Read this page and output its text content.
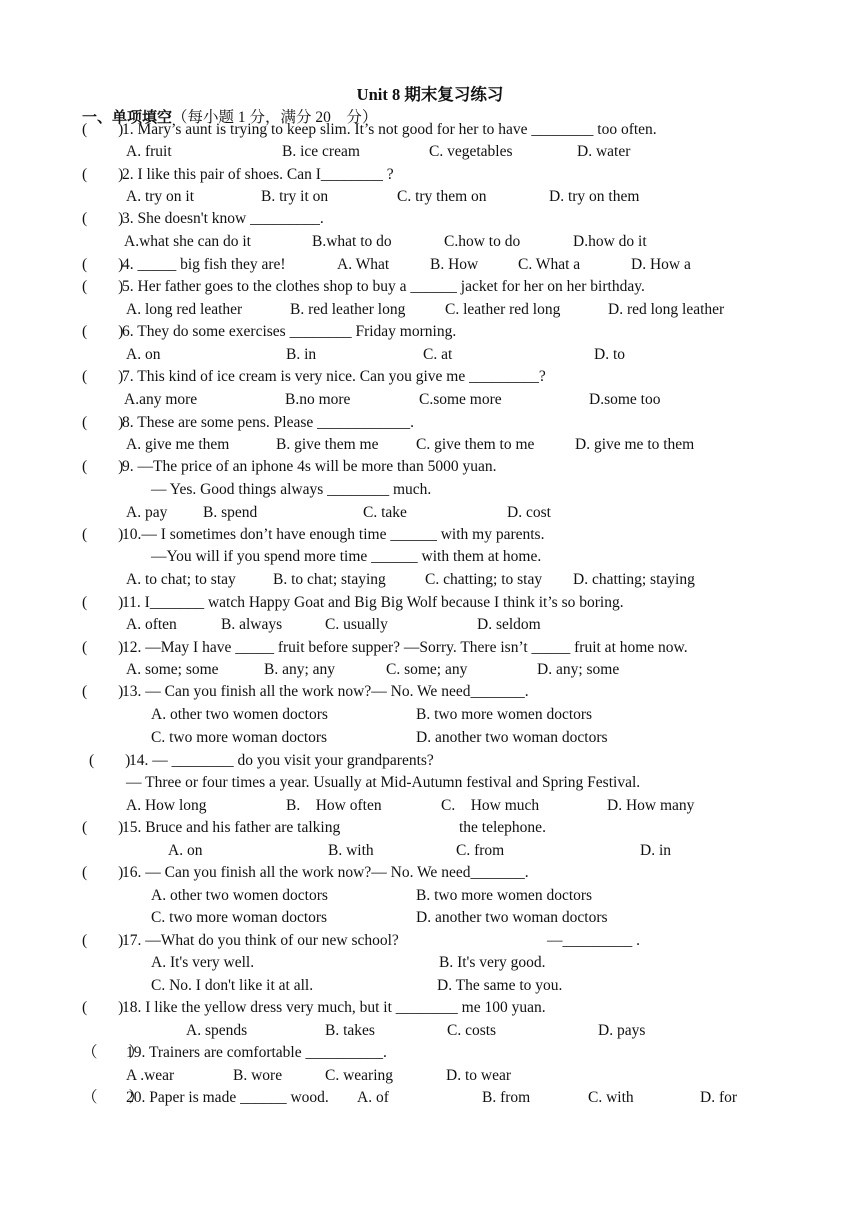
Unit 8 期末复习练习
一、单项填空（每小题 1 分，满分 20　分）
(　　)
1. Mary’s aunt is trying to keep slim. It’s not good for her to have ________ too often.
A. fruit	B. ice cream	C. vegetables	D. water
(　　)
2. I like this pair of shoes. Can I________ ?
A. try on it	B. try it on	C. try them on	D. try on them
(　　)
3. She doesn't know _________.
A.what she can do it	B.what to do	C.how to do	D.how do it
(　　)
4. _____ big fish they are!	A. What	B. How	C. What a	D. How a
(　　)
5. Her father goes to the clothes shop to buy a ______ jacket for her on her birthday.
A. long red leather	B. red leather long	C. leather red long	D. red long leather
(　　)
6. They do some exercises ________ Friday morning.
A. on	B. in	C. at	D. to
(　　)
7. This kind of ice cream is very nice. Can you give me _________?
A.any more	B.no more	C.some more	D.some too
(　　)
8. These are some pens. Please ____________.
A. give me them	B. give them me C. give them to me	D. give me to them
(　　)
9. —The price of an iphone 4s will be more than 5000 yuan.
— Yes. Good things always ________ much.
A. pay B. spend	C. take	D. cost
(　　)
10.— I sometimes don’t have enough time ______ with my parents.
—You will if you spend more time ______ with them at home.
A. to chat; to stay B. to chat; staying	C. chatting; to stay D. chatting; staying
(　　)
11. I_______ watch Happy Goat and Big Big Wolf because I think it’s so boring.
A. often	B. always	C. usually	D. seldom
(　　)
12. —May I have _____ fruit before supper? —Sorry. There isn’t _____ fruit at home now.
A. some; some	B. any; any	C. some; any	D. any; some
(　　)
13. — Can you finish all the work now?— No. We need_______.
A. other two women doctors	B. two more women doctors
C. two more woman doctors	D. another two woman doctors
(　　)
14. — ________ do you visit your grandparents?
— Three or four times a year. Usually at Mid-Autumn festival and Spring Festival.
A. How long	B.　How often	C.　How much	D. How many
(　　)
15. Bruce and his father are talking	the telephone.
A. on	B. with	C. from	D. in
(　　)
16. — Can you finish all the work now?— No. We need_______.
A. other two women doctors	B. two more women doctors
C. two more woman doctors	D. another two woman doctors
(　　)
17. —What do you think of our new school?	—_________ .
A. It's very well.	B. It's very good.
C. No. I don't like it at all.	D. The same to you.
(　　)
18. I like the yellow dress very much, but it ________ me 100 yuan.
A. spends	B. takes	C. costs	D. pays
（　　）
19. Trainers are comfortable __________.
A .wear	B. wore	C. wearing	D. to wear
（　　）
20. Paper is made ______ wood. A. of	B. from	C. with	D. for
